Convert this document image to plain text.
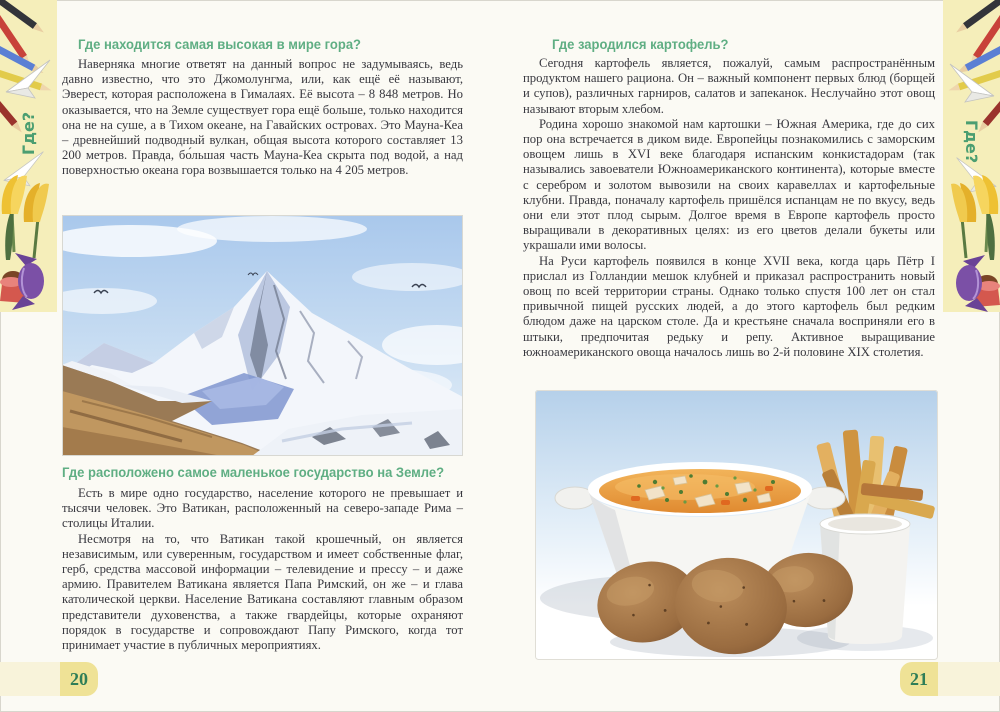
Где?	Где?
Где находится самая высокая в мире гора?

Наверняка многие ответят на данный вопрос не задумываясь, ведь давно известно, что это Джомолунгма, или, как ещё её называют, Эверест, которая расположена в Гималаях. Её высота – 8 848 метров. Но оказывается, что на Земле существует гора ещё больше, только находится она не на суше, а в Тихом океане, на Гавайских островах. Это Мауна-Кеа – древнейший подводный вулкан, общая высота которого составляет 13 200 метров. Правда, бо́льшая часть Мауна-Кеа скрыта под водой, а над поверхностью океана гора возвышается только на 4 205 метров.

Где расположено самое маленькое государство на Земле?

Есть в мире одно государство, население которого не превышает и тысячи человек. Это Ватикан, расположенный на северо-западе Рима – столицы Италии.

Несмотря на то, что Ватикан такой крошечный, он является независимым, или суверенным, государством и имеет собственные флаг, герб, средства массовой информации – телевидение и прессу – и даже армию. Правителем Ватикана является Папа Римский, он же – и глава католической церкви. Население Ватикана составляют главным образом представители духовенства, а также гвардейцы, которые охраняют порядок в государстве и сопровождают Папу Римского, когда тот принимает участие в публичных мероприятиях.

Где зародился картофель?

Сегодня картофель является, пожалуй, самым распространённым продуктом нашего рациона. Он – важный компонент первых блюд (борщей и супов), различных гарниров, салатов и запеканок. Неслучайно этот овощ называют вторым хлебом.

Родина хорошо знакомой нам картошки – Южная Америка, где до сих пор она встречается в диком виде. Европейцы познакомились с заморским овощем лишь в XVI веке благодаря испанским конкистадорам (так назывались завоеватели Южноамериканского континента), которые вместе с серебром и золотом вывозили на своих каравеллах и картофельные клубни. Правда, поначалу картофель пришёлся испанцам не по вкусу, ведь они ели этот плод сырым. Долгое время в Европе картофель просто выращивали в декоративных целях: из его цветов делали букеты или украшали ими волосы.

На Руси картофель появился в конце XVII века, когда царь Пётр I прислал из Голландии мешок клубней и приказал распространить новый овощ по всей территории страны. Однако только спустя 100 лет он стал привычной пищей русских людей, а до этого картофель был редким блюдом даже на царском столе. Да и крестьяне сначала восприняли его в штыки, предпочитая редьку и репу. Активное выращивание южноамериканского овоща началось лишь во 2-й половине XIX столетия.

20	21
